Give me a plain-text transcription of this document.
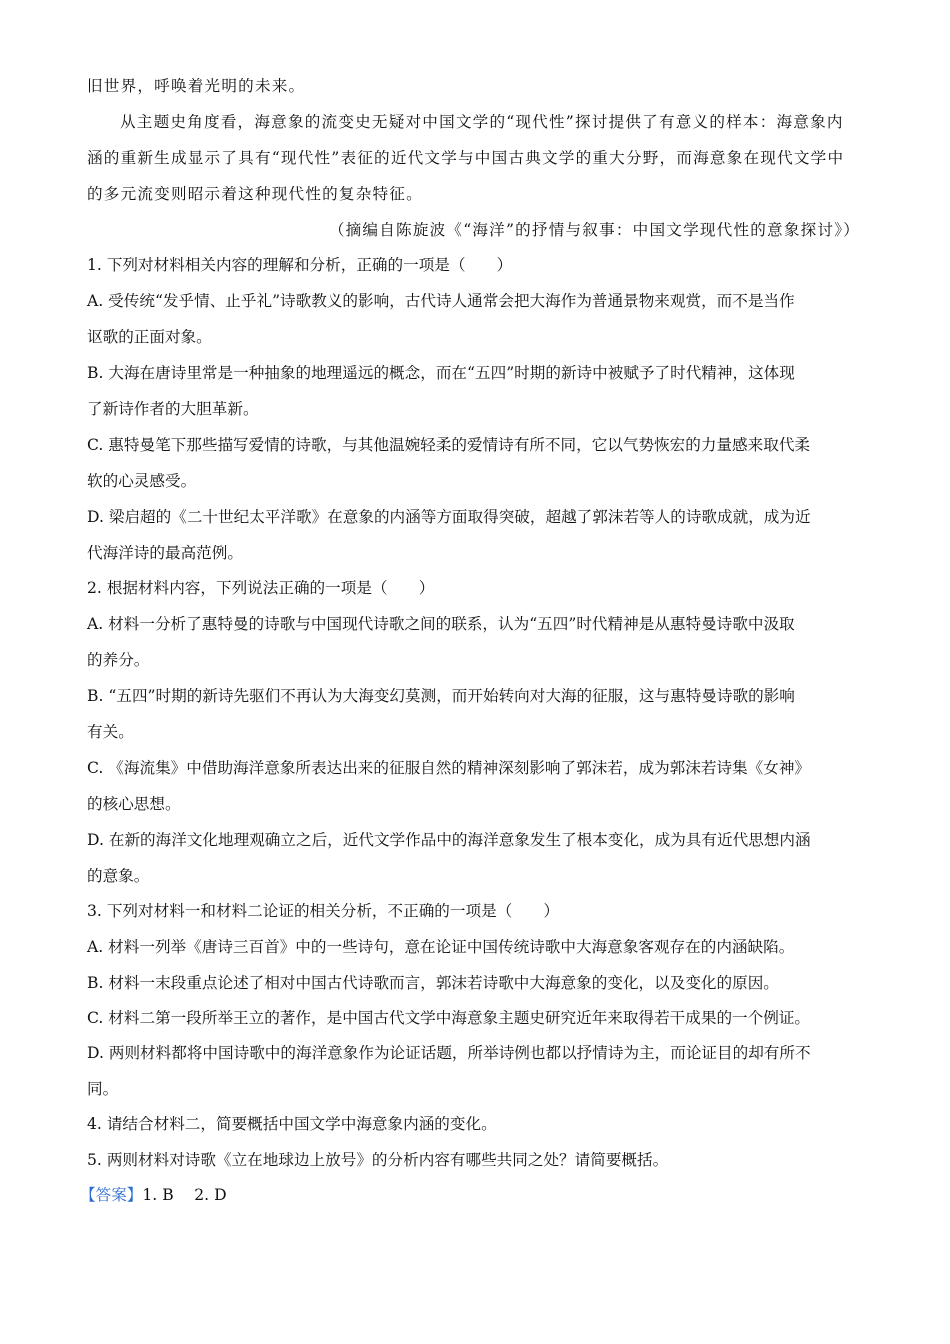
旧世界，呼唤着光明的未来。
从主题史角度看，海意象的流变史无疑对中国文学的“现代性”探讨提供了有意义的样本：海意象内
涵的重新生成显示了具有“现代性”表征的近代文学与中国古典文学的重大分野，而海意象在现代文学中
的多元流变则昭示着这种现代性的复杂特征。
（摘编自陈旋波《“海洋”的抒情与叙事：中国文学现代性的意象探讨》）
1. 下列对材料相关内容的理解和分析，正确的一项是（　　）
A. 受传统“发乎情、止乎礼”诗歌教义的影响，古代诗人通常会把大海作为普通景物来观赏，而不是当作
讴歌的正面对象。
B. 大海在唐诗里常是一种抽象的地理遥远的概念，而在“五四”时期的新诗中被赋予了时代精神，这体现
了新诗作者的大胆革新。
C. 惠特曼笔下那些描写爱情的诗歌，与其他温婉轻柔的爱情诗有所不同，它以气势恢宏的力量感来取代柔
软的心灵感受。
D. 梁启超的《二十世纪太平洋歌》在意象的内涵等方面取得突破，超越了郭沫若等人的诗歌成就，成为近
代海洋诗的最高范例。
2. 根据材料内容，下列说法正确的一项是（　　）
A. 材料一分析了惠特曼的诗歌与中国现代诗歌之间的联系，认为“五四”时代精神是从惠特曼诗歌中汲取
的养分。
B. “五四”时期的新诗先驱们不再认为大海变幻莫测，而开始转向对大海的征服，这与惠特曼诗歌的影响
有关。
C. 《海流集》中借助海洋意象所表达出来的征服自然的精神深刻影响了郭沫若，成为郭沫若诗集《女神》
的核心思想。
D. 在新的海洋文化地理观确立之后，近代文学作品中的海洋意象发生了根本变化，成为具有近代思想内涵
的意象。
3. 下列对材料一和材料二论证的相关分析，不正确的一项是（　　）
A. 材料一列举《唐诗三百首》中的一些诗句，意在论证中国传统诗歌中大海意象客观存在的内涵缺陷。
B. 材料一末段重点论述了相对中国古代诗歌而言，郭沫若诗歌中大海意象的变化，以及变化的原因。
C. 材料二第一段所举王立的著作，是中国古代文学中海意象主题史研究近年来取得若干成果的一个例证。
D. 两则材料都将中国诗歌中的海洋意象作为论证话题，所举诗例也都以抒情诗为主，而论证目的却有所不
同。
4. 请结合材料二，简要概括中国文学中海意象内涵的变化。
5. 两则材料对诗歌《立在地球边上放号》的分析内容有哪些共同之处？请简要概括。
【答案】1. B　 2. D
